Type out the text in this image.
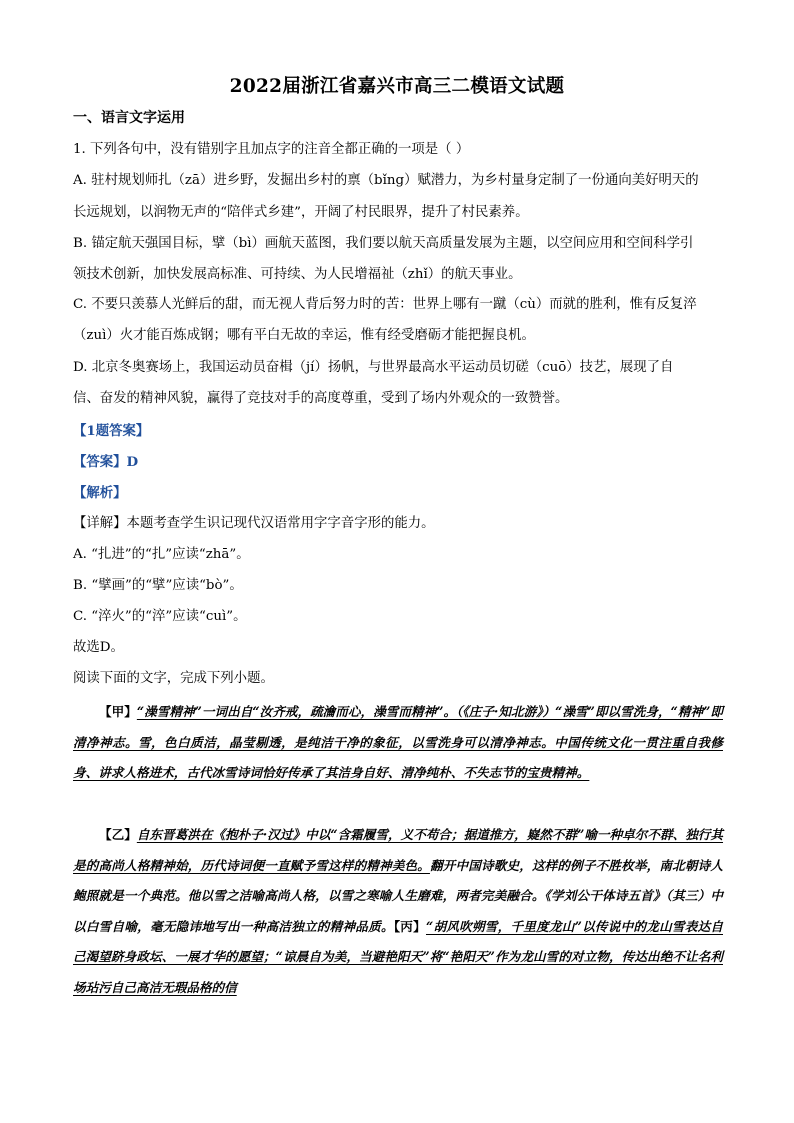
2022届浙江省嘉兴市高三二模语文试题
一、语言文字运用
1. 下列各句中，没有错别字且加点字的注音全都正确的一项是（ ）
A. 驻村规划师扎（zā）进乡野，发掘出乡村的禀（bǐng）赋潜力，为乡村量身定制了一份通向美好明天的
长远规划，以润物无声的“陪伴式乡建”，开阔了村民眼界，提升了村民素养。
B. 锚定航天强国目标，擘（bì）画航天蓝图，我们要以航天高质量发展为主题，以空间应用和空间科学引
领技术创新，加快发展高标准、可持续、为人民增福祉（zhǐ）的航天事业。
C. 不要只羡慕人光鲜后的甜，而无视人背后努力时的苦：世界上哪有一蹴（cù）而就的胜利，惟有反复淬
（zuì）火才能百炼成钢；哪有平白无故的幸运，惟有经受磨砺才能把握良机。
D. 北京冬奥赛场上，我国运动员奋楫（jí）扬帆，与世界最高水平运动员切磋（cuō）技艺，展现了自
信、奋发的精神风貌，赢得了竞技对手的高度尊重，受到了场内外观众的一致赞誉。
【1题答案】
【答案】D
【解析】
【详解】本题考查学生识记现代汉语常用字字音字形的能力。
A. “扎进”的“扎”应读“zhā”。
B. “擘画”的“擘”应读“bò”。
C. “淬火”的“淬”应读“cuì”。
故选D。
阅读下面的文字，完成下列小题。
【甲】“澡雪精神”一词出自“汝齐戒，疏瀹而心，澡雪而精神”。（《庄子·知北游》）“澡雪”即以雪洗身，“精神”即清净神志。雪，色白质洁，晶莹剔透，是纯洁干净的象征，以雪洗身可以清净神志。中国传统文化一贯注重自我修身、讲求人格进术，古代冰雪诗词恰好传承了其洁身自好、清净纯朴、不失志节的宝贵精神。
【乙】自东晋葛洪在《抱朴子·汉过》中以“含霜履雪，义不苟合；据道推方，嶷然不群”喻一种卓尔不群、独行其是的高尚人格精神始，历代诗词便一直赋予雪这样的精神美色。翻开中国诗歌史，这样的例子不胜枚举，南北朝诗人鲍照就是一个典范。他以雪之洁喻高尚人格，以雪之寒喻人生磨难，两者完美融合。《学刘公干体诗五首》（其三）中以白雪自喻，毫无隐讳地写出一种高洁独立的精神品质。【丙】“胡风吹朔雪，千里度龙山”以传说中的龙山雪表达自己渴望跻身政坛、一展才华的愿望；“谅晨自为美，当避艳阳天”将“艳阳天”作为龙山雪的对立物，传达出绝不让名利场玷污自己高洁无瑕品格的信
